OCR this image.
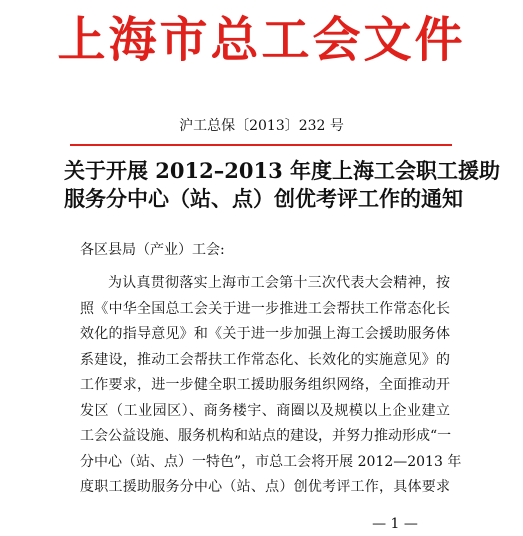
上海市总工会文件
沪工总保〔2013〕232 号
关于开展 2012–2013 年度上海工会职工援助
服务分中心（站、点）创优考评工作的通知
各区县局（产业）工会:
为认真贯彻落实上海市工会第十三次代表大会精神，按
照《中华全国总工会关于进一步推进工会帮扶工作常态化长
效化的指导意见》和《关于进一步加强上海工会援助服务体
系建设，推动工会帮扶工作常态化、长效化的实施意见》的
工作要求，进一步健全职工援助服务组织网络，全面推动开
发区（工业园区）、商务楼宇、商圈以及规模以上企业建立
工会公益设施、服务机构和站点的建设，并努力推动形成“一
分中心（站、点）一特色”，市总工会将开展 2012—2013 年
度职工援助服务分中心（站、点）创优考评工作，具体要求
— 1 —
